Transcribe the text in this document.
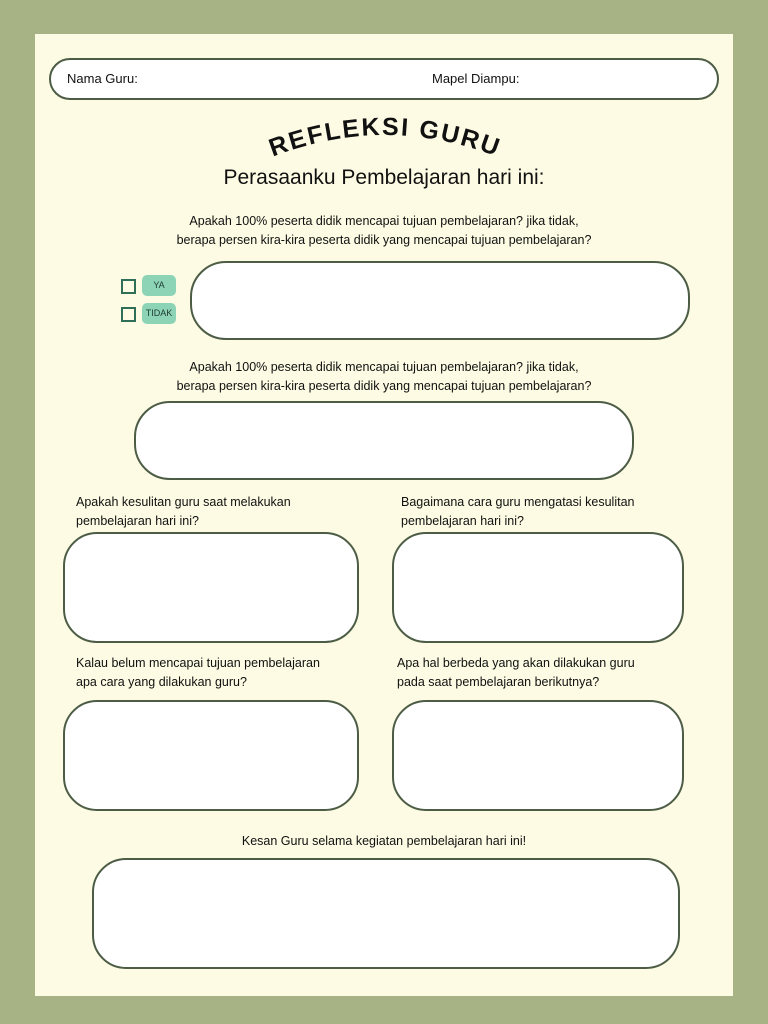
Nama Guru:	Mapel Diampu:
REFLEKSI GURU
Perasaanku Pembelajaran hari ini:
Apakah 100% peserta didik mencapai tujuan pembelajaran? jika tidak,
berapa persen kira-kira peserta didik yang mencapai tujuan pembelajaran?
YA
TIDAK
Apakah 100% peserta didik mencapai tujuan pembelajaran? jika tidak,
berapa persen kira-kira peserta didik yang mencapai tujuan pembelajaran?
Apakah kesulitan guru saat melakukan
pembelajaran hari ini?
Bagaimana cara guru mengatasi kesulitan
pembelajaran hari ini?
Kalau belum mencapai tujuan pembelajaran
apa cara yang dilakukan guru?
Apa hal berbeda yang akan dilakukan guru
pada saat pembelajaran berikutnya?
Kesan Guru selama kegiatan pembelajaran hari ini!
